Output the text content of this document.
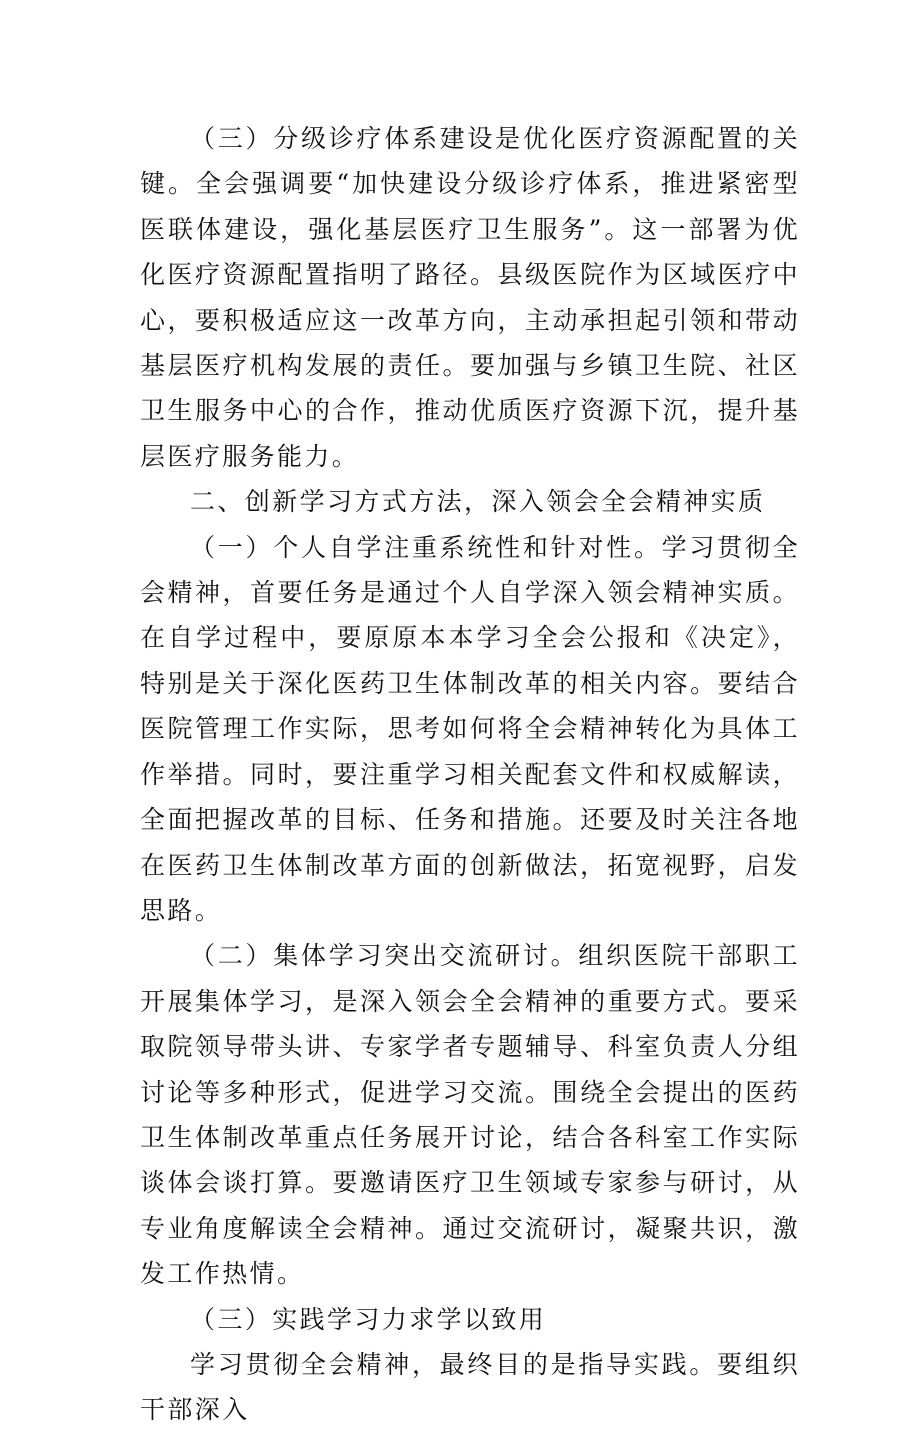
（三）分级诊疗体系建设是优化医疗资源配置的关键。全会强调要“加快建设分级诊疗体系，推进紧密型医联体建设，强化基层医疗卫生服务”。这一部署为优化医疗资源配置指明了路径。县级医院作为区域医疗中心，要积极适应这一改革方向，主动承担起引领和带动基层医疗机构发展的责任。要加强与乡镇卫生院、社区卫生服务中心的合作，推动优质医疗资源下沉，提升基层医疗服务能力。

二、创新学习方式方法，深入领会全会精神实质

（一）个人自学注重系统性和针对性。学习贯彻全会精神，首要任务是通过个人自学深入领会精神实质。在自学过程中，要原原本本学习全会公报和《决定》，特别是关于深化医药卫生体制改革的相关内容。要结合医院管理工作实际，思考如何将全会精神转化为具体工作举措。同时，要注重学习相关配套文件和权威解读，全面把握改革的目标、任务和措施。还要及时关注各地在医药卫生体制改革方面的创新做法，拓宽视野，启发思路。

（二）集体学习突出交流研讨。组织医院干部职工开展集体学习，是深入领会全会精神的重要方式。要采取院领导带头讲、专家学者专题辅导、科室负责人分组讨论等多种形式，促进学习交流。围绕全会提出的医药卫生体制改革重点任务展开讨论，结合各科室工作实际谈体会谈打算。要邀请医疗卫生领域专家参与研讨，从专业角度解读全会精神。通过交流研讨，凝聚共识，激发工作热情。

（三）实践学习力求学以致用

学习贯彻全会精神，最终目的是指导实践。要组织干部深入
